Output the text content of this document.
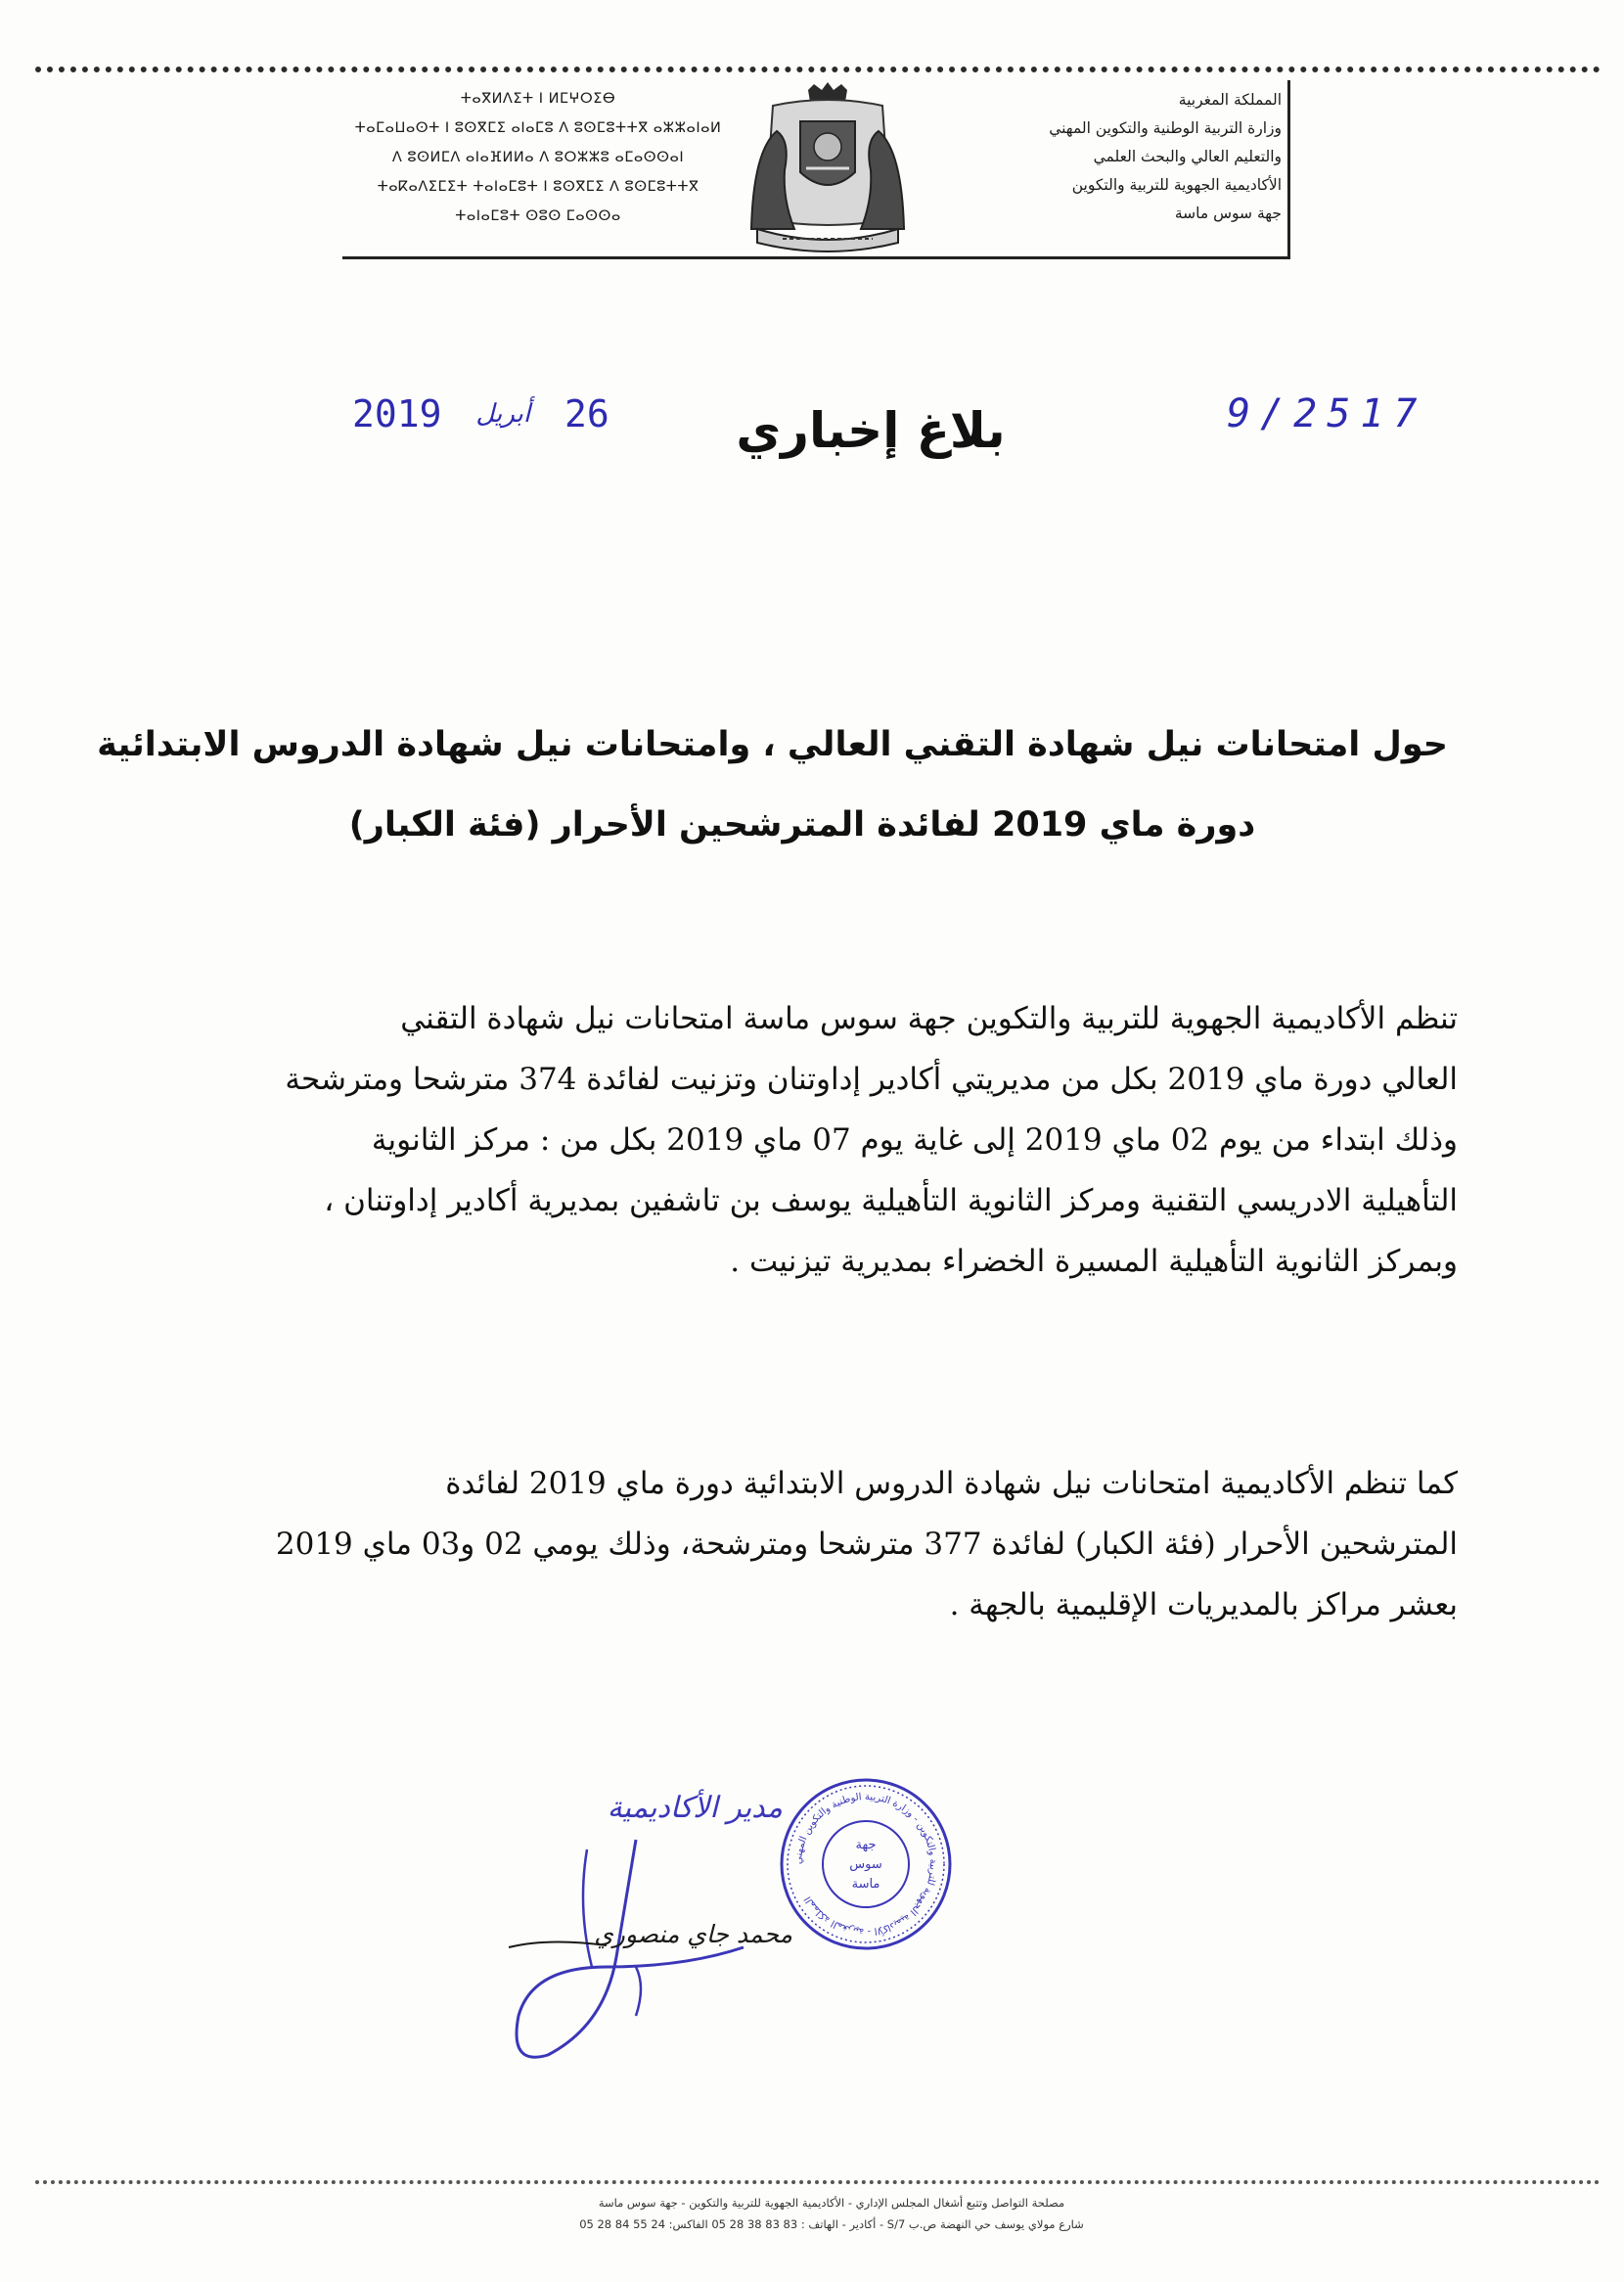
ⵜⴰⴳⵍⴷⵉⵜ ⵏ ⵍⵎⵖⵔⵉⴱ
ⵜⴰⵎⴰⵡⴰⵙⵜ ⵏ ⵓⵙⴳⵎⵉ ⴰⵏⴰⵎⵓ ⴷ ⵓⵙⵎⵓⵜⵜⴳ ⴰⵣⵣⴰⵏⴰⵍ
ⴷ ⵓⵙⵍⵎⴷ ⴰⵏⴰⴼⵍⵍⴰ ⴷ ⵓⵔⵣⵣⵓ ⴰⵎⴰⵙⵙⴰⵏ
ⵜⴰⴽⴰⴷⵉⵎⵉⵜ ⵜⴰⵏⴰⵎⵓⵜ ⵏ ⵓⵙⴳⵎⵉ ⴷ ⵓⵙⵎⵓⵜⵜⴳ
ⵜⴰⵏⴰⵎⵓⵜ ⵙⵓⵙ ⵎⴰⵙⵙⴰ
المملكة المغربية
وزارة التربية الوطنية والتكوين المهني
والتعليم العالي والبحث العلمي
الأكاديمية الجهوية للتربية والتكوين
جهة سوس ماسة
2019 أبريل 26	بلاغ إخباري	9/2517
حول امتحانات نيل شهادة التقني العالي ، وامتحانات نيل شهادة الدروس الابتدائية
دورة ماي 2019 لفائدة المترشحين الأحرار (فئة الكبار)
تنظم الأكاديمية الجهوية للتربية والتكوين جهة سوس ماسة امتحانات نيل شهادة التقني
العالي دورة ماي 2019 بكل من مديريتي أكادير إداوتنان وتزنيت لفائدة 374 مترشحا ومترشحة
وذلك ابتداء من يوم 02 ماي 2019 إلى غاية يوم 07 ماي 2019 بكل من : مركز الثانوية
التأهيلية الادريسي التقنية ومركز الثانوية التأهيلية يوسف بن تاشفين بمديرية أكادير إداوتنان ،
وبمركز الثانوية التأهيلية المسيرة الخضراء بمديرية تيزنيت .
كما تنظم الأكاديمية امتحانات نيل شهادة الدروس الابتدائية دورة ماي 2019 لفائدة
المترشحين الأحرار (فئة الكبار) لفائدة 377 مترشحا ومترشحة، وذلك يومي 02 و03 ماي 2019
بعشر مراكز بالمديريات الإقليمية بالجهة .
مدير الأكاديمية
محمد جاي منصوري
المملكة المغربية - الأكاديمية الجهوية للتربية والتكوين - وزارة التربية الوطنية والتكوين المهني
جهة
سوس
ماسة
مصلحة التواصل وتتبع أشغال المجلس الإداري - الأكاديمية الجهوية للتربية والتكوين - جهة سوس ماسة
شارع مولاي يوسف حي النهضة ص.ب 7/S - أكادير - الهاتف : 83 83 38 28 05 الفاكس: 24 55 84 28 05
